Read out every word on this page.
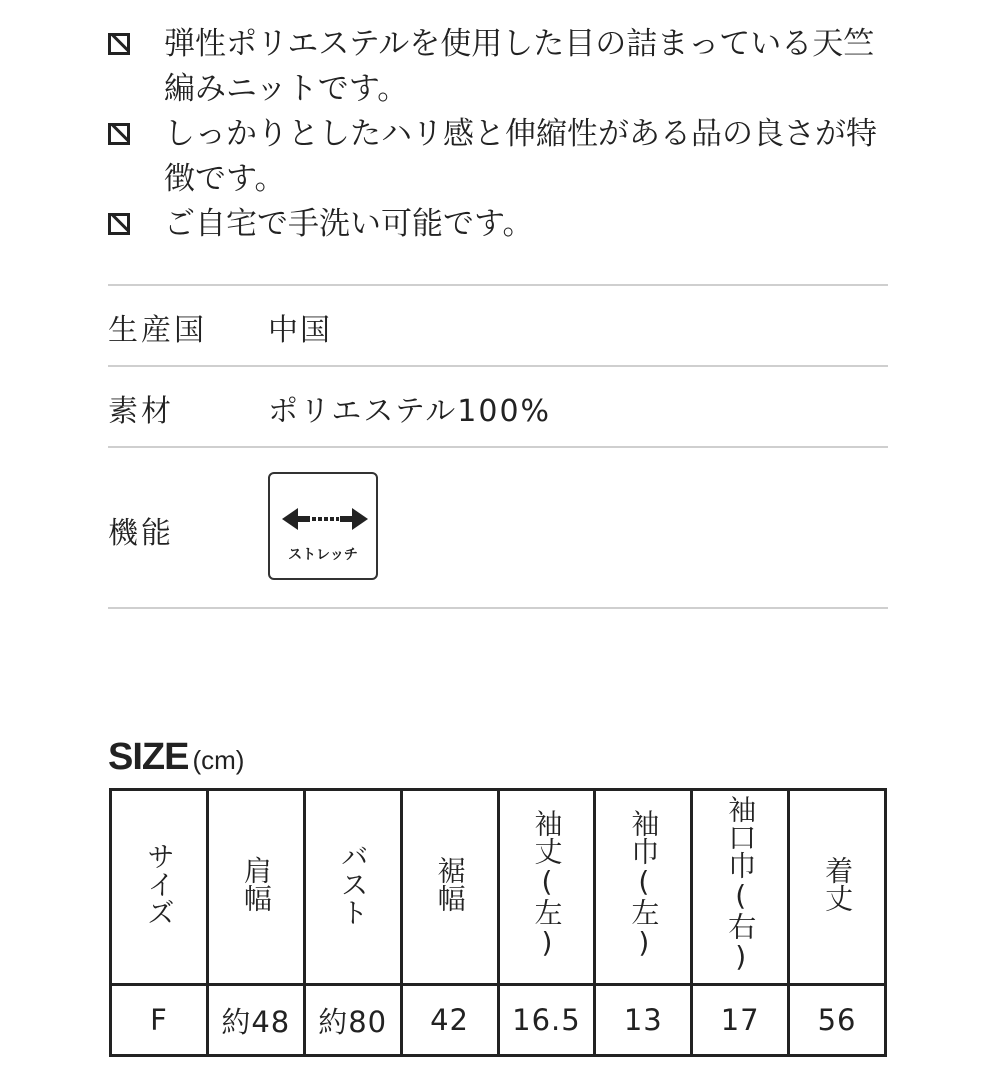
弾性ポリエステルを使用した目の詰まっている天竺編みニットです。
しっかりとしたハリ感と伸縮性がある品の良さが特徴です。
ご自宅で手洗い可能です。
生産国 中国
素材	ポリエステル100%
機能
ストレッチ
SIZE (cm)
サイズ	肩幅	バスト	裾幅	袖丈(左)	袖巾(左)	袖口巾(右)	着丈
F	約48	約80	42	16.5	13	17	56
